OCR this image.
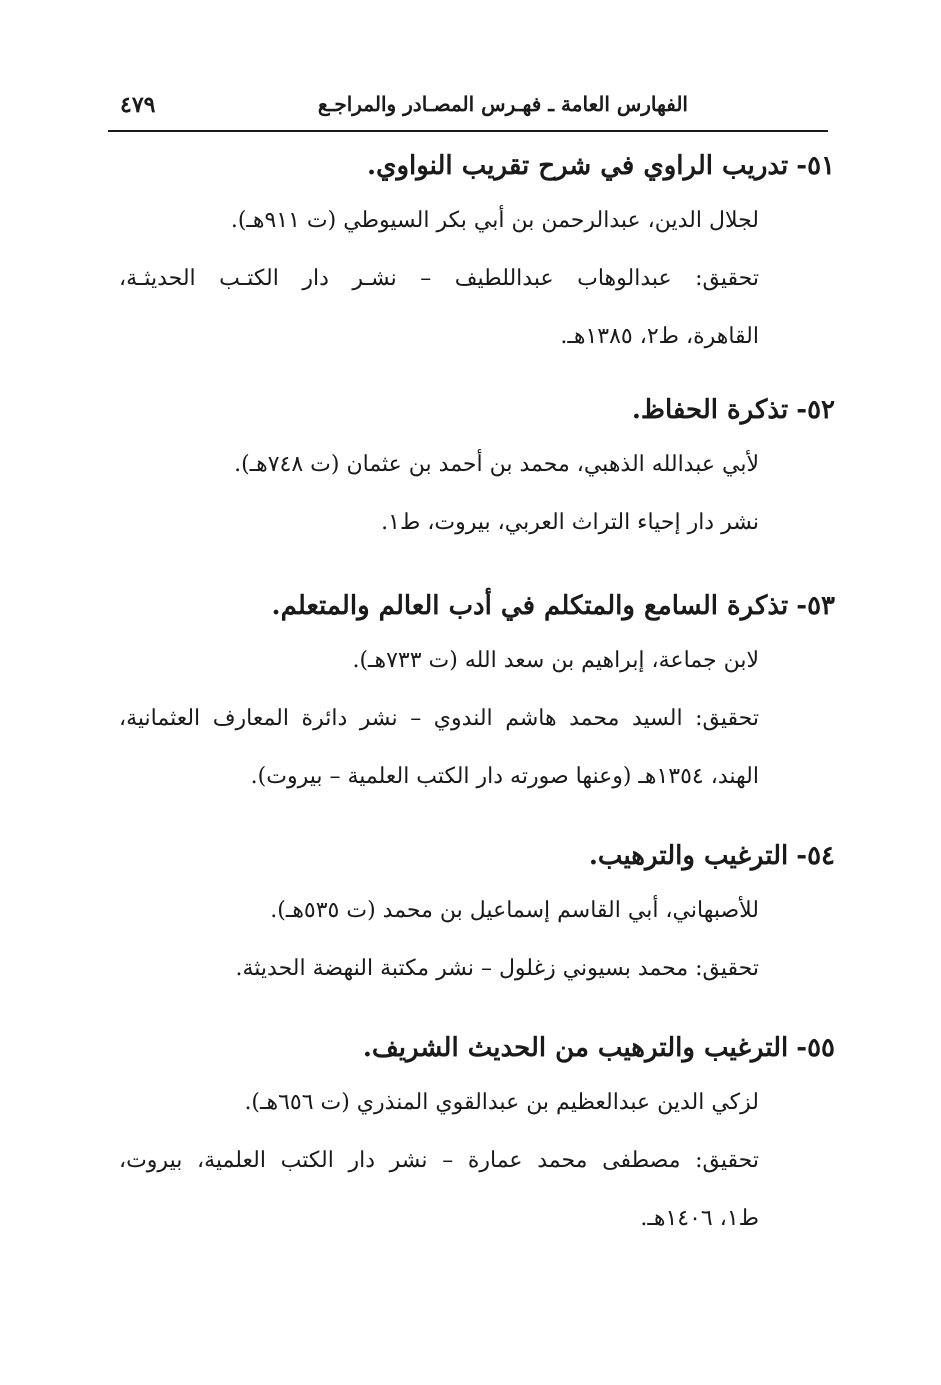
الفهارس العامة ـ فهـرس المصـادر والمراجـع
٤٧٩
٥١-تدريب الراوي في شرح تقريب النواوي.
لجلال الدين، عبدالرحمن بن أبي بكر السيوطي (ت ٩١١هـ).
تحقيق: عبدالوهاب عبداللطيف – نشـر دار الكتـب الحديثـة،
القاهرة، ط٢، ١٣٨٥هـ.
٥٢-تذكرة الحفاظ.
لأبي عبدالله الذهبي، محمد بن أحمد بن عثمان (ت ٧٤٨هـ).
نشر دار إحياء التراث العربي، بيروت، ط١.
٥٣-تذكرة السامع والمتكلم في أدب العالم والمتعلم.
لابن جماعة، إبراهيم بن سعد الله (ت ٧٣٣هـ).
تحقيق: السيد محمد هاشم الندوي – نشر دائرة المعارف العثمانية،
الهند، ١٣٥٤هـ (وعنها صورته دار الكتب العلمية – بيروت).
٥٤-الترغيب والترهيب.
للأصبهاني، أبي القاسم إسماعيل بن محمد (ت ٥٣٥هـ).
تحقيق: محمد بسيوني زغلول – نشر مكتبة النهضة الحديثة.
٥٥-الترغيب والترهيب من الحديث الشريف.
لزكي الدين عبدالعظيم بن عبدالقوي المنذري (ت ٦٥٦هـ).
تحقيق: مصطفى محمد عمارة – نشر دار الكتب العلمية، بيروت،
ط١، ١٤٠٦هـ.
